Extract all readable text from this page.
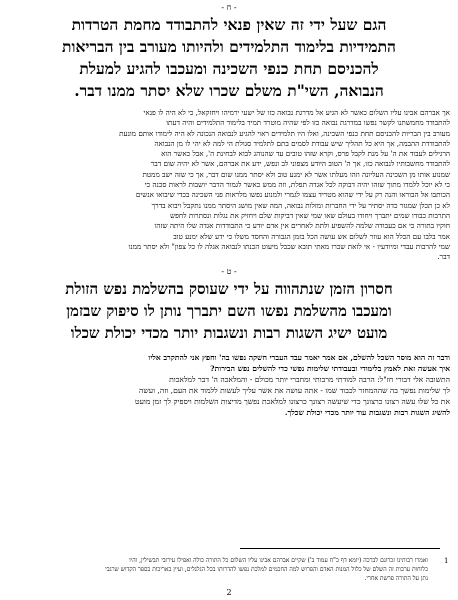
- ח -
הגם שעל ידי זה שאין פנאי להתבודד מחמת הטרדות
התמידיות בלימוד התלמידים ולהיותו מעורב בין הבריאות
להכניסם תחת כנפי השכינה ומעכבו להגיע למעלת
הנבואה, השי"ת משלם שכרו שלא יסתר ממנו דבר.
אך אברהם אבינו עליו השלום כאשר לא הגיע אל מדרגת נבואה כזו של ישעי ירמיהו ויחזקאל, כי לא היה לו פנאי
להתבודד מחמשתנו לקשר נפשו במדרגת נבואה כזו לפי שהיה מוטרד תמיד בלימוד התלמידים והיה דעתו
מעורב בין הבריות להכניסם תחת כנפי השכינה, ואלו היו תלמידים ראוי להגיע לנבואה הנכונה לא היה לימודו אותם מונעת
להתבודדת ההבמה, אך היא כל תהליך שיש עבודת לסמים בתם לתלמיד סגולת הי למה לא יהי לו מן הנבואה
הרגילים לעבוד את ה' על מנת לקבל פרס, וקרא שזהו טובים עד שהנוהג לבוא לבחינת ה', אבל כאשר הוא
להתבודד מחשבותיו לנבואה כזו, אך ה' הטוב היודע מצפוני לב ונפש, ידע את אברהם, אשר לא יהיה שום דבר
שמנוע אותו מן השכינה העליונה וזהו מעלתו אשר לא ימנע טוב ולא יסתר ממנו שום דבר, אך כי שזה ישב ממטת
כי לא יוכל ללמדו מתוך שזהו יהיה דבוקה לכל אגדה תפלת, וזה ממש כאשר לגמור הדבר יושבות לראות סכנה כי
הכותבו אל הבוראו והנה רק על ידי שהוא מטריד עצמו לגמרי ולמנוע נפשו מלראות פני השכינה בכדי שיבואו אנשים
לא כן תכלן שמגזר כדה יסתיר על ידי החברות ומזלות נבואה, המה שאין מושג היסתר ממנו נתקבל ויבוא בדרך
התרבות כבודו שמים יתברך ויחודו בעולם שאו שמי שאין דביקות שלם ויחזיק את נגלות ונסתרות לחפש
חוקיו בתורה כי אם כעבודה שלמה להשפיע ולתת לאחרים אין אדם יודע כי התבודדות אגדה שלו היתה שזהו
אמר בלבו עם הכלל הוא עוזר לשלום אש עושה הכל בזמן הגבורה והחסד משלו כי ידע שלא ימנע טוב
שמי להרבות עבדי ומיודעיו - אי לזאת שכרו מאתי תובא שכבל מיעוט הכנתו לנבואה אגלה לו כל צפון" ולא יסתר ממנו
דבר.
- ט -
חסרון הזמן שנתהווה על ידי שעוסק בהשלמת נפש הזולת
ומעכבו מהשלמת נפשו השם יתברך נותן לו סיפוק שבזמן
מועט ישיג השגות רבות ונשגבות יותר מכדי יכולת שכלו
ודבר זה הוא מוסר השכל להשלם, אם אמר יאמר עבד העברי חשקה נפשו בה' וחפץ אני להתקרב אליו
איך אעשה זאת לאמץ בלימודי ובעבודתי שלימות נפשי כדי להשלים נפש הבירות?
התשובה אלי דבורי חז"ל: הרבה למודתי מרבותי ומחברי יותר מכולם - והמלאכה ה' דבר למלאכות
לך שלימות נפשך בה שההמחזר לכבוד שמו - אתה עושה את אשר עליך לעשות ללמוד את העם, וזה, ועשה
את כל שלו עשה רצונו כרצונך כדי שיעשה רצונך כרצונו למלאכת נפשך מדיצות השלמות ויספיק לך זמן מועט
להשיג השגות רבות ונשגבות עוד יותר מכדי יכולת שכלך.
1
ואמרו רבותינו זכרונם לברכה (יומא דף כ"ח עמוד ב') שקיים אברהם אבינו עליו השלום כל התורה כולה ואפילו עירובי תבשילין, והיו
כלוחות ערבות זה השלם של כלול המנות האדם והפרוש למה החכמים למלכת נפשו להדרותו בכל הגלגלים, ועיין באריכות בספר הקדוש שרגבי
נתן על התורה פרשת אחרי.
2
